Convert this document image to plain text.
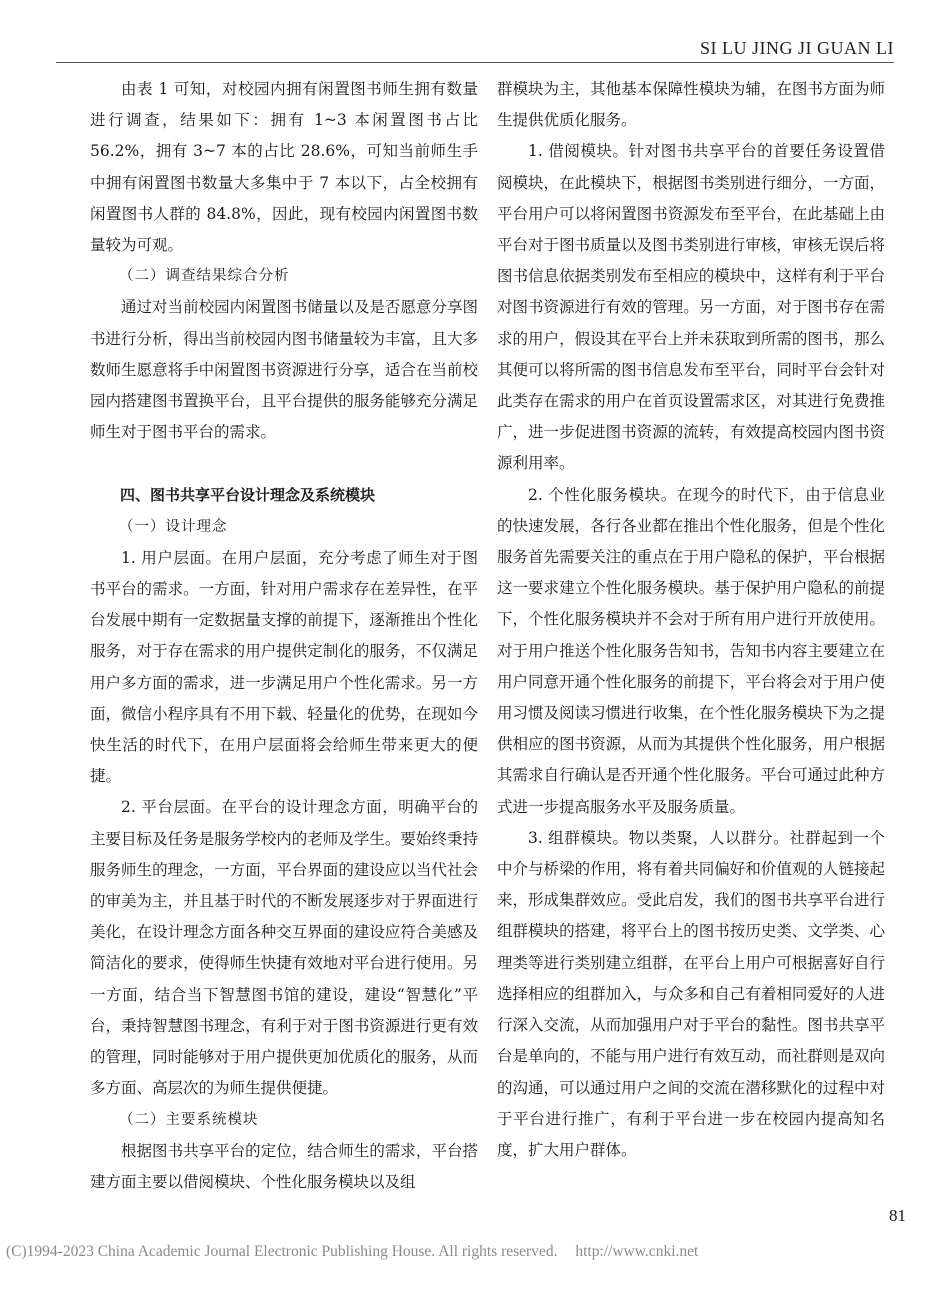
SI LU JING JI GUAN LI

由表 1 可知，对校园内拥有闲置图书师生拥有数量进行调查，结果如下：拥有 1~3 本闲置图书占比 56.2%，拥有 3~7 本的占比 28.6%，可知当前师生手中拥有闲置图书数量大多集中于 7 本以下，占全校拥有闲置图书人群的 84.8%，因此，现有校园内闲置图书数量较为可观。

（二）调查结果综合分析

通过对当前校园内闲置图书储量以及是否愿意分享图书进行分析，得出当前校园内图书储量较为丰富，且大多数师生愿意将手中闲置图书资源进行分享，适合在当前校园内搭建图书置换平台，且平台提供的服务能够充分满足师生对于图书平台的需求。

四、图书共享平台设计理念及系统模块

（一）设计理念

1. 用户层面。在用户层面，充分考虑了师生对于图书平台的需求。一方面，针对用户需求存在差异性，在平台发展中期有一定数据量支撑的前提下，逐渐推出个性化服务，对于存在需求的用户提供定制化的服务，不仅满足用户多方面的需求，进一步满足用户个性化需求。另一方面，微信小程序具有不用下载、轻量化的优势，在现如今快生活的时代下，在用户层面将会给师生带来更大的便捷。

2. 平台层面。在平台的设计理念方面，明确平台的主要目标及任务是服务学校内的老师及学生。要始终秉持服务师生的理念，一方面，平台界面的建设应以当代社会的审美为主，并且基于时代的不断发展逐步对于界面进行美化，在设计理念方面各种交互界面的建设应符合美感及简洁化的要求，使得师生快捷有效地对平台进行使用。另一方面，结合当下智慧图书馆的建设，建设“智慧化”平台，秉持智慧图书理念，有利于对于图书资源进行更有效的管理，同时能够对于用户提供更加优质化的服务，从而多方面、高层次的为师生提供便捷。

（二）主要系统模块

根据图书共享平台的定位，结合师生的需求，平台搭建方面主要以借阅模块、个性化服务模块以及组

群模块为主，其他基本保障性模块为辅，在图书方面为师生提供优质化服务。

1. 借阅模块。针对图书共享平台的首要任务设置借阅模块，在此模块下，根据图书类别进行细分，一方面，平台用户可以将闲置图书资源发布至平台，在此基础上由平台对于图书质量以及图书类别进行审核，审核无误后将图书信息依据类别发布至相应的模块中，这样有利于平台对图书资源进行有效的管理。另一方面，对于图书存在需求的用户，假设其在平台上并未获取到所需的图书，那么其便可以将所需的图书信息发布至平台，同时平台会针对此类存在需求的用户在首页设置需求区，对其进行免费推广，进一步促进图书资源的流转，有效提高校园内图书资源利用率。

2. 个性化服务模块。在现今的时代下，由于信息业的快速发展，各行各业都在推出个性化服务，但是个性化服务首先需要关注的重点在于用户隐私的保护，平台根据这一要求建立个性化服务模块。基于保护用户隐私的前提下，个性化服务模块并不会对于所有用户进行开放使用。对于用户推送个性化服务告知书，告知书内容主要建立在用户同意开通个性化服务的前提下，平台将会对于用户使用习惯及阅读习惯进行收集，在个性化服务模块下为之提供相应的图书资源，从而为其提供个性化服务，用户根据其需求自行确认是否开通个性化服务。平台可通过此种方式进一步提高服务水平及服务质量。

3. 组群模块。物以类聚，人以群分。社群起到一个中介与桥梁的作用，将有着共同偏好和价值观的人链接起来，形成集群效应。受此启发，我们的图书共享平台进行组群模块的搭建，将平台上的图书按历史类、文学类、心理类等进行类别建立组群，在平台上用户可根据喜好自行选择相应的组群加入，与众多和自己有着相同爱好的人进行深入交流，从而加强用户对于平台的黏性。图书共享平台是单向的，不能与用户进行有效互动，而社群则是双向的沟通，可以通过用户之间的交流在潜移默化的过程中对于平台进行推广，有利于平台进一步在校园内提高知名度，扩大用户群体。

81
(C)1994-2023 China Academic Journal Electronic Publishing House. All rights reserved. http://www.cnki.net
